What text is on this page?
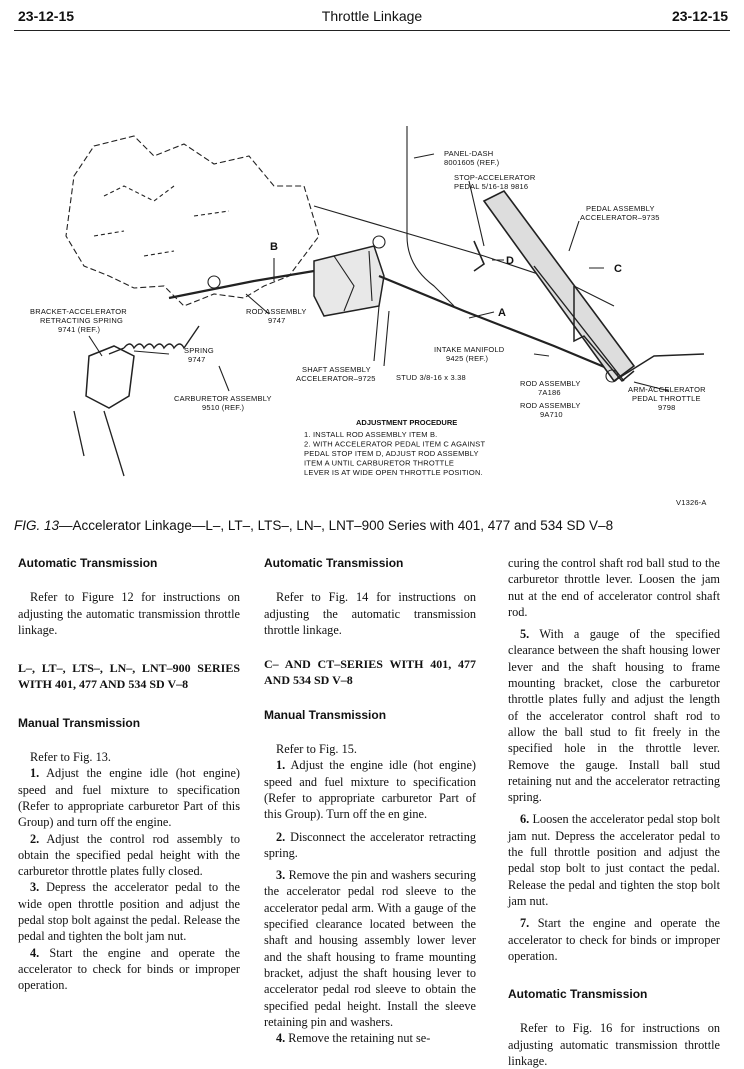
23-12-15	Throttle Linkage	23-12-15
PANEL-DASH
8001605 (REF.)
STOP-ACCELERATOR
PEDAL 5/16-18 9816
PEDAL ASSEMBLY
ACCELERATOR–9735
BRACKET-ACCELERATOR
RETRACTING SPRING
9741 (REF.)
ROD ASSEMBLY
9747
SPRING
9747
INTAKE MANIFOLD
9425 (REF.)
SHAFT ASSEMBLY
ACCELERATOR–9725	STUD 3/8-16 x 3.38
CARBURETOR ASSEMBLY
9510 (REF.)
ROD ASSEMBLY
7A186
ROD ASSEMBLY
9A710
ARM-ACCELERATOR
PEDAL THROTTLE
9798
A
B
C
D
ADJUSTMENT PROCEDURE
1. INSTALL ROD ASSEMBLY ITEM B.
2. WITH ACCELERATOR PEDAL ITEM C AGAINST
PEDAL STOP ITEM D, ADJUST ROD ASSEMBLY
ITEM A UNTIL CARBURETOR THROTTLE
LEVER IS AT WIDE OPEN THROTTLE POSITION.
V1326-A
FIG. 13—Accelerator Linkage—L–, LT–, LTS–, LN–, LNT–900 Series with 401, 477 and 534 SD V–8

Automatic Transmission

Refer to Figure 12 for instructions on adjusting the automatic transmission throttle linkage.

L–, LT–, LTS–, LN–, LNT–900 SERIES WITH 401, 477 AND 534 SD V–8

Manual Transmission

Refer to Fig. 13.

1. Adjust the engine idle (hot engine) speed and fuel mixture to specification (Refer to appropriate carburetor Part of this Group) and turn off the engine.

2. Adjust the control rod assembly to obtain the specified pedal height with the carburetor throttle plates fully closed.

3. Depress the accelerator pedal to the wide open throttle position and adjust the pedal stop bolt against the pedal. Release the pedal and tighten the bolt jam nut.

4. Start the engine and operate the accelerator to check for binds or improper operation.

Automatic Transmission

Refer to Fig. 14 for instructions on adjusting the automatic transmission throttle linkage.

C– AND CT–SERIES WITH 401, 477 AND 534 SD V–8

Manual Transmission

Refer to Fig. 15.

1. Adjust the engine idle (hot engine) speed and fuel mixture to specification (Refer to appropriate carburetor Part of this Group). Turn off the en gine.

2. Disconnect the accelerator retracting spring.

3. Remove the pin and washers securing the accelerator pedal rod sleeve to the accelerator pedal arm. With a gauge of the specified clearance located between the shaft and housing assembly lower lever and the shaft housing to frame mounting bracket, adjust the shaft housing lever to accelerator pedal rod sleeve to obtain the specified pedal height. Install the sleeve retaining pin and washers.

4. Remove the retaining nut se-

curing the control shaft rod ball stud to the carburetor throttle lever. Loosen the jam nut at the end of accelerator control shaft rod.

5. With a gauge of the specified clearance between the shaft housing lower lever and the shaft housing to frame mounting bracket, close the carburetor throttle plates fully and adjust the length of the accelerator control shaft rod to allow the ball stud to fit freely in the specified hole in the throttle lever. Remove the gauge. Install ball stud retaining nut and the accelerator retracting spring.

6. Loosen the accelerator pedal stop bolt jam nut. Depress the accelerator pedal to the full throttle position and adjust the pedal stop bolt to just contact the pedal. Release the pedal and tighten the stop bolt jam nut.

7. Start the engine and operate the accelerator to check for binds or improper operation.

Automatic Transmission

Refer to Fig. 16 for instructions on adjusting automatic transmission throttle linkage.
